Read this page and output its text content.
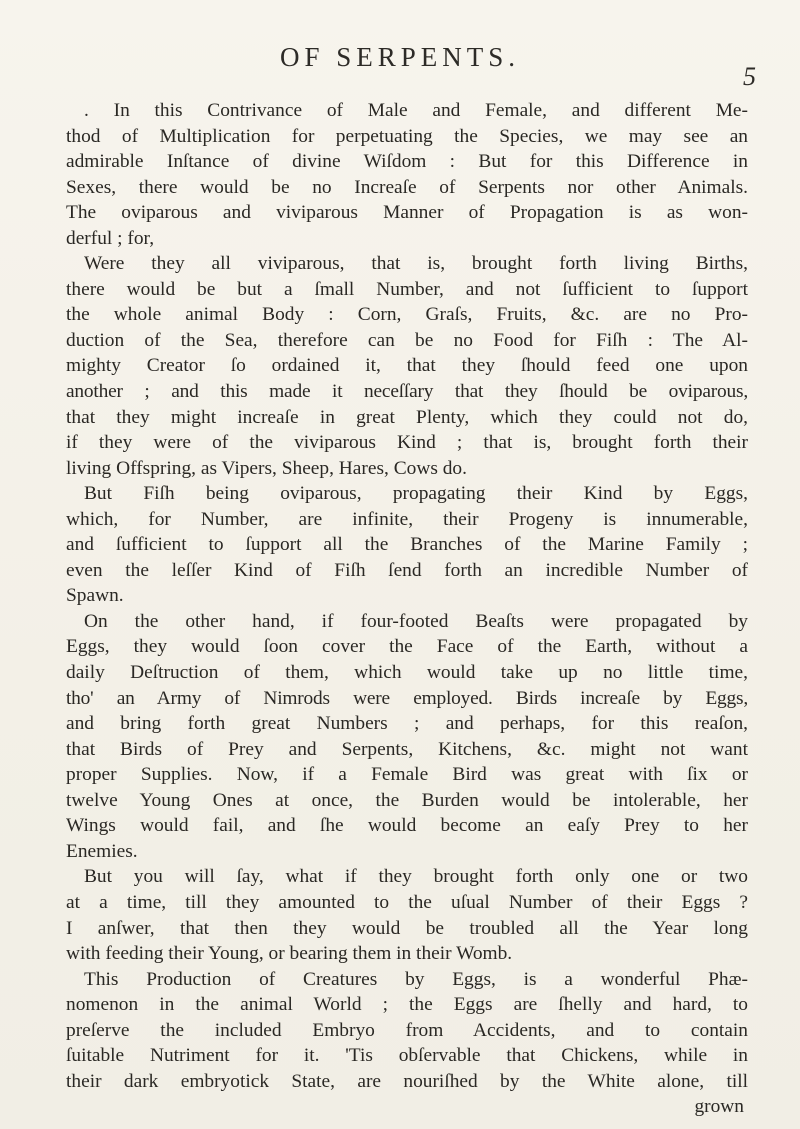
OF SERPENTS.
5
. In this Contrivance of Male and Female, and different Me-
thod of Multiplication for perpetuating the Species, we may see an
admirable Inſtance of divine Wiſdom : But for this Difference in
Sexes, there would be no Increaſe of Serpents nor other Animals.
The oviparous and viviparous Manner of Propagation is as won-
derful ; for,
Were they all viviparous, that is, brought forth living Births,
there would be but a ſmall Number, and not ſufficient to ſupport
the whole animal Body : Corn, Graſs, Fruits, &c. are no Pro-
duction of the Sea, therefore can be no Food for Fiſh : The Al-
mighty Creator ſo ordained it, that they ſhould feed one upon
another ; and this made it neceſſary that they ſhould be oviparous,
that they might increaſe in great Plenty, which they could not do,
if they were of the viviparous Kind ; that is, brought forth their
living Offspring, as Vipers, Sheep, Hares, Cows do.
But Fiſh being oviparous, propagating their Kind by Eggs,
which, for Number, are infinite, their Progeny is innumerable,
and ſufficient to ſupport all the Branches of the Marine Family ;
even the leſſer Kind of Fiſh ſend forth an incredible Number of
Spawn.
On the other hand, if four-footed Beaſts were propagated by
Eggs, they would ſoon cover the Face of the Earth, without a
daily Deſtruction of them, which would take up no little time,
tho' an Army of Nimrods were employed. Birds increaſe by Eggs,
and bring forth great Numbers ; and perhaps, for this reaſon,
that Birds of Prey and Serpents, Kitchens, &c. might not want
proper Supplies. Now, if a Female Bird was great with ſix or
twelve Young Ones at once, the Burden would be intolerable, her
Wings would fail, and ſhe would become an eaſy Prey to her
Enemies.
But you will ſay, what if they brought forth only one or two
at a time, till they amounted to the uſual Number of their Eggs ?
I anſwer, that then they would be troubled all the Year long
with feeding their Young, or bearing them in their Womb.
This Production of Creatures by Eggs, is a wonderful Phæ-
nomenon in the animal World ; the Eggs are ſhelly and hard, to
preſerve the included Embryo from Accidents, and to contain
ſuitable Nutriment for it. 'Tis obſervable that Chickens, while in
their dark embryotick State, are nouriſhed by the White alone, till
grown
